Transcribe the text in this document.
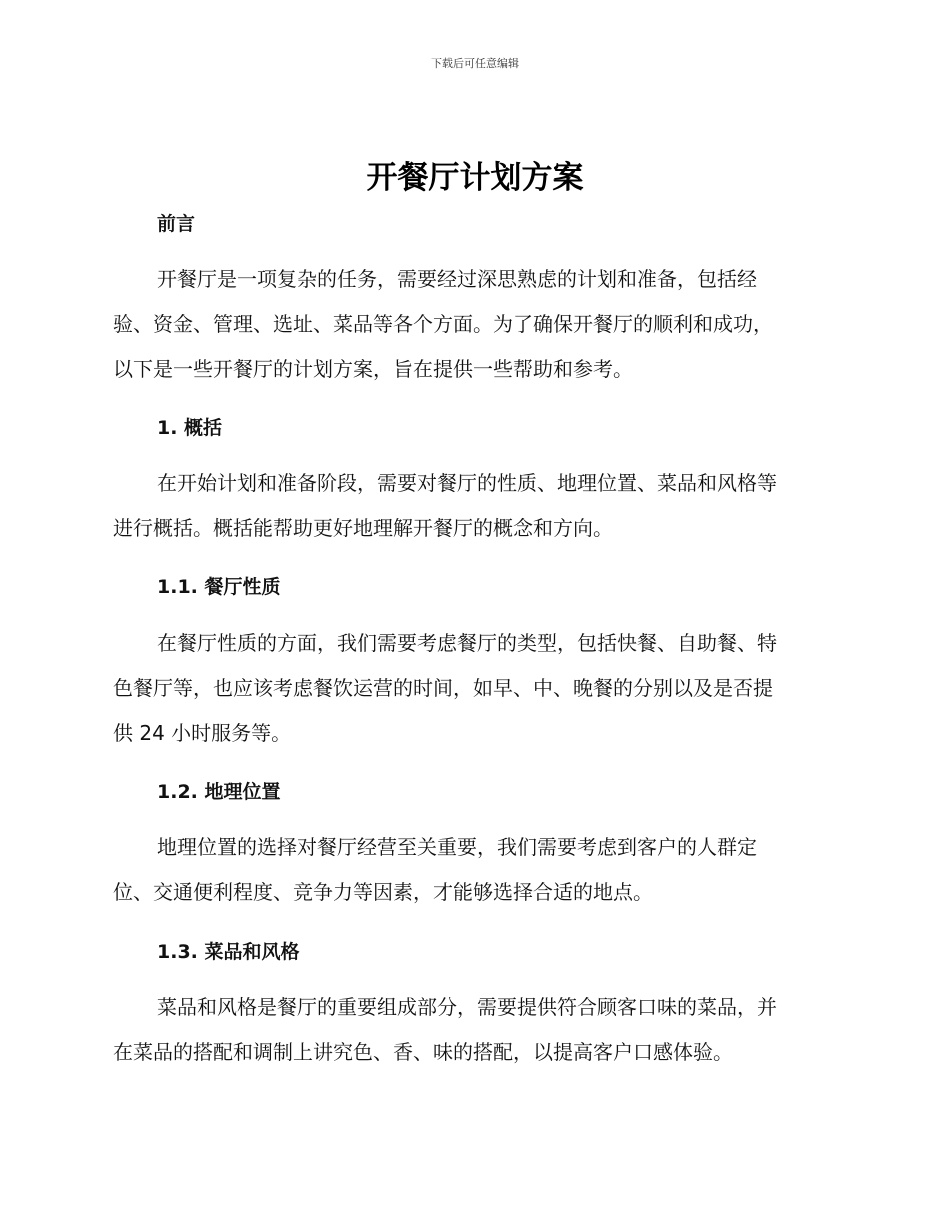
下载后可任意编辑
开餐厅计划方案
前言
开餐厅是一项复杂的任务，需要经过深思熟虑的计划和准备，包括经
验、资金、管理、选址、菜品等各个方面。为了确保开餐厅的顺利和成功，
以下是一些开餐厅的计划方案，旨在提供一些帮助和参考。
1. 概括
在开始计划和准备阶段，需要对餐厅的性质、地理位置、菜品和风格等
进行概括。概括能帮助更好地理解开餐厅的概念和方向。
1.1. 餐厅性质
在餐厅性质的方面，我们需要考虑餐厅的类型，包括快餐、自助餐、特
色餐厅等，也应该考虑餐饮运营的时间，如早、中、晚餐的分别以及是否提
供 24 小时服务等。
1.2. 地理位置
地理位置的选择对餐厅经营至关重要，我们需要考虑到客户的人群定
位、交通便利程度、竞争力等因素，才能够选择合适的地点。
1.3. 菜品和风格
菜品和风格是餐厅的重要组成部分，需要提供符合顾客口味的菜品，并
在菜品的搭配和调制上讲究色、香、味的搭配，以提高客户口感体验。
